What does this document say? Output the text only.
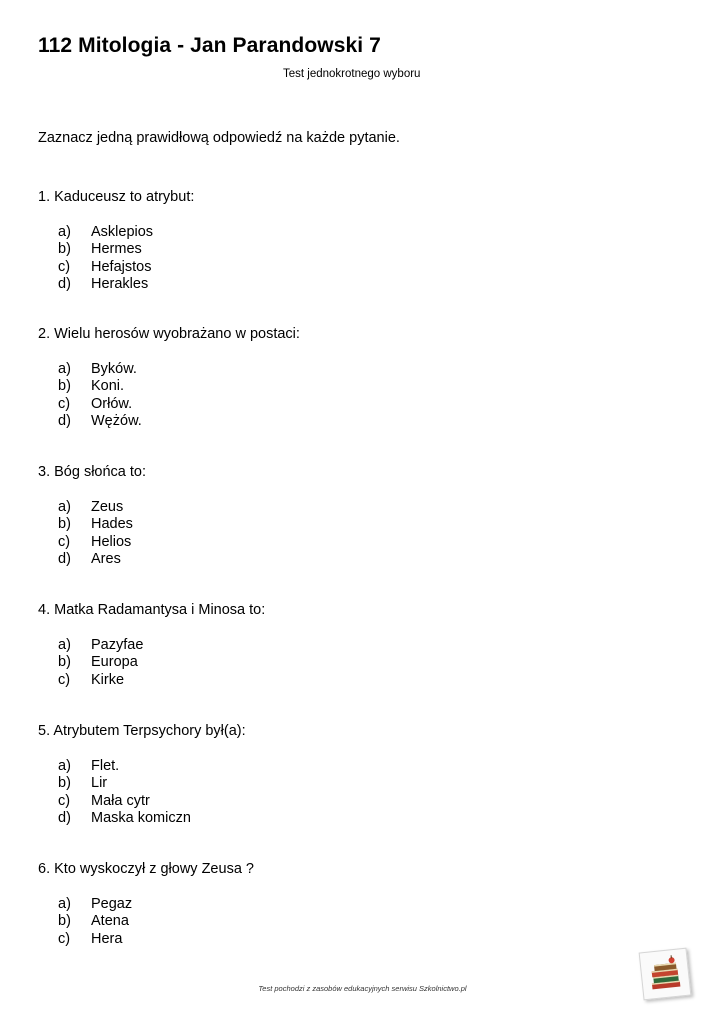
112 Mitologia - Jan Parandowski 7
Test jednokrotnego wyboru
Zaznacz jedną prawidłową odpowiedź na każde pytanie.
1. Kaduceusz to atrybut:
a) Asklepios
b) Hermes
c) Hefajstos
d) Herakles
2. Wielu herosów wyobrażano w postaci:
a) Byków.
b) Koni.
c) Orłów.
d) Wężów.
3. Bóg słońca to:
a) Zeus
b) Hades
c) Helios
d) Ares
4. Matka Radamantysa i Minosa to:
a) Pazyfae
b) Europa
c) Kirke
5. Atrybutem Terpsychory był(a):
a) Flet.
b) Lir
c) Mała cytr
d) Maska komiczn
6. Kto wyskoczył z głowy Zeusa ?
a) Pegaz
b) Atena
c) Hera
Test pochodzi z zasobów edukacyjnych serwisu Szkolnictwo.pl
